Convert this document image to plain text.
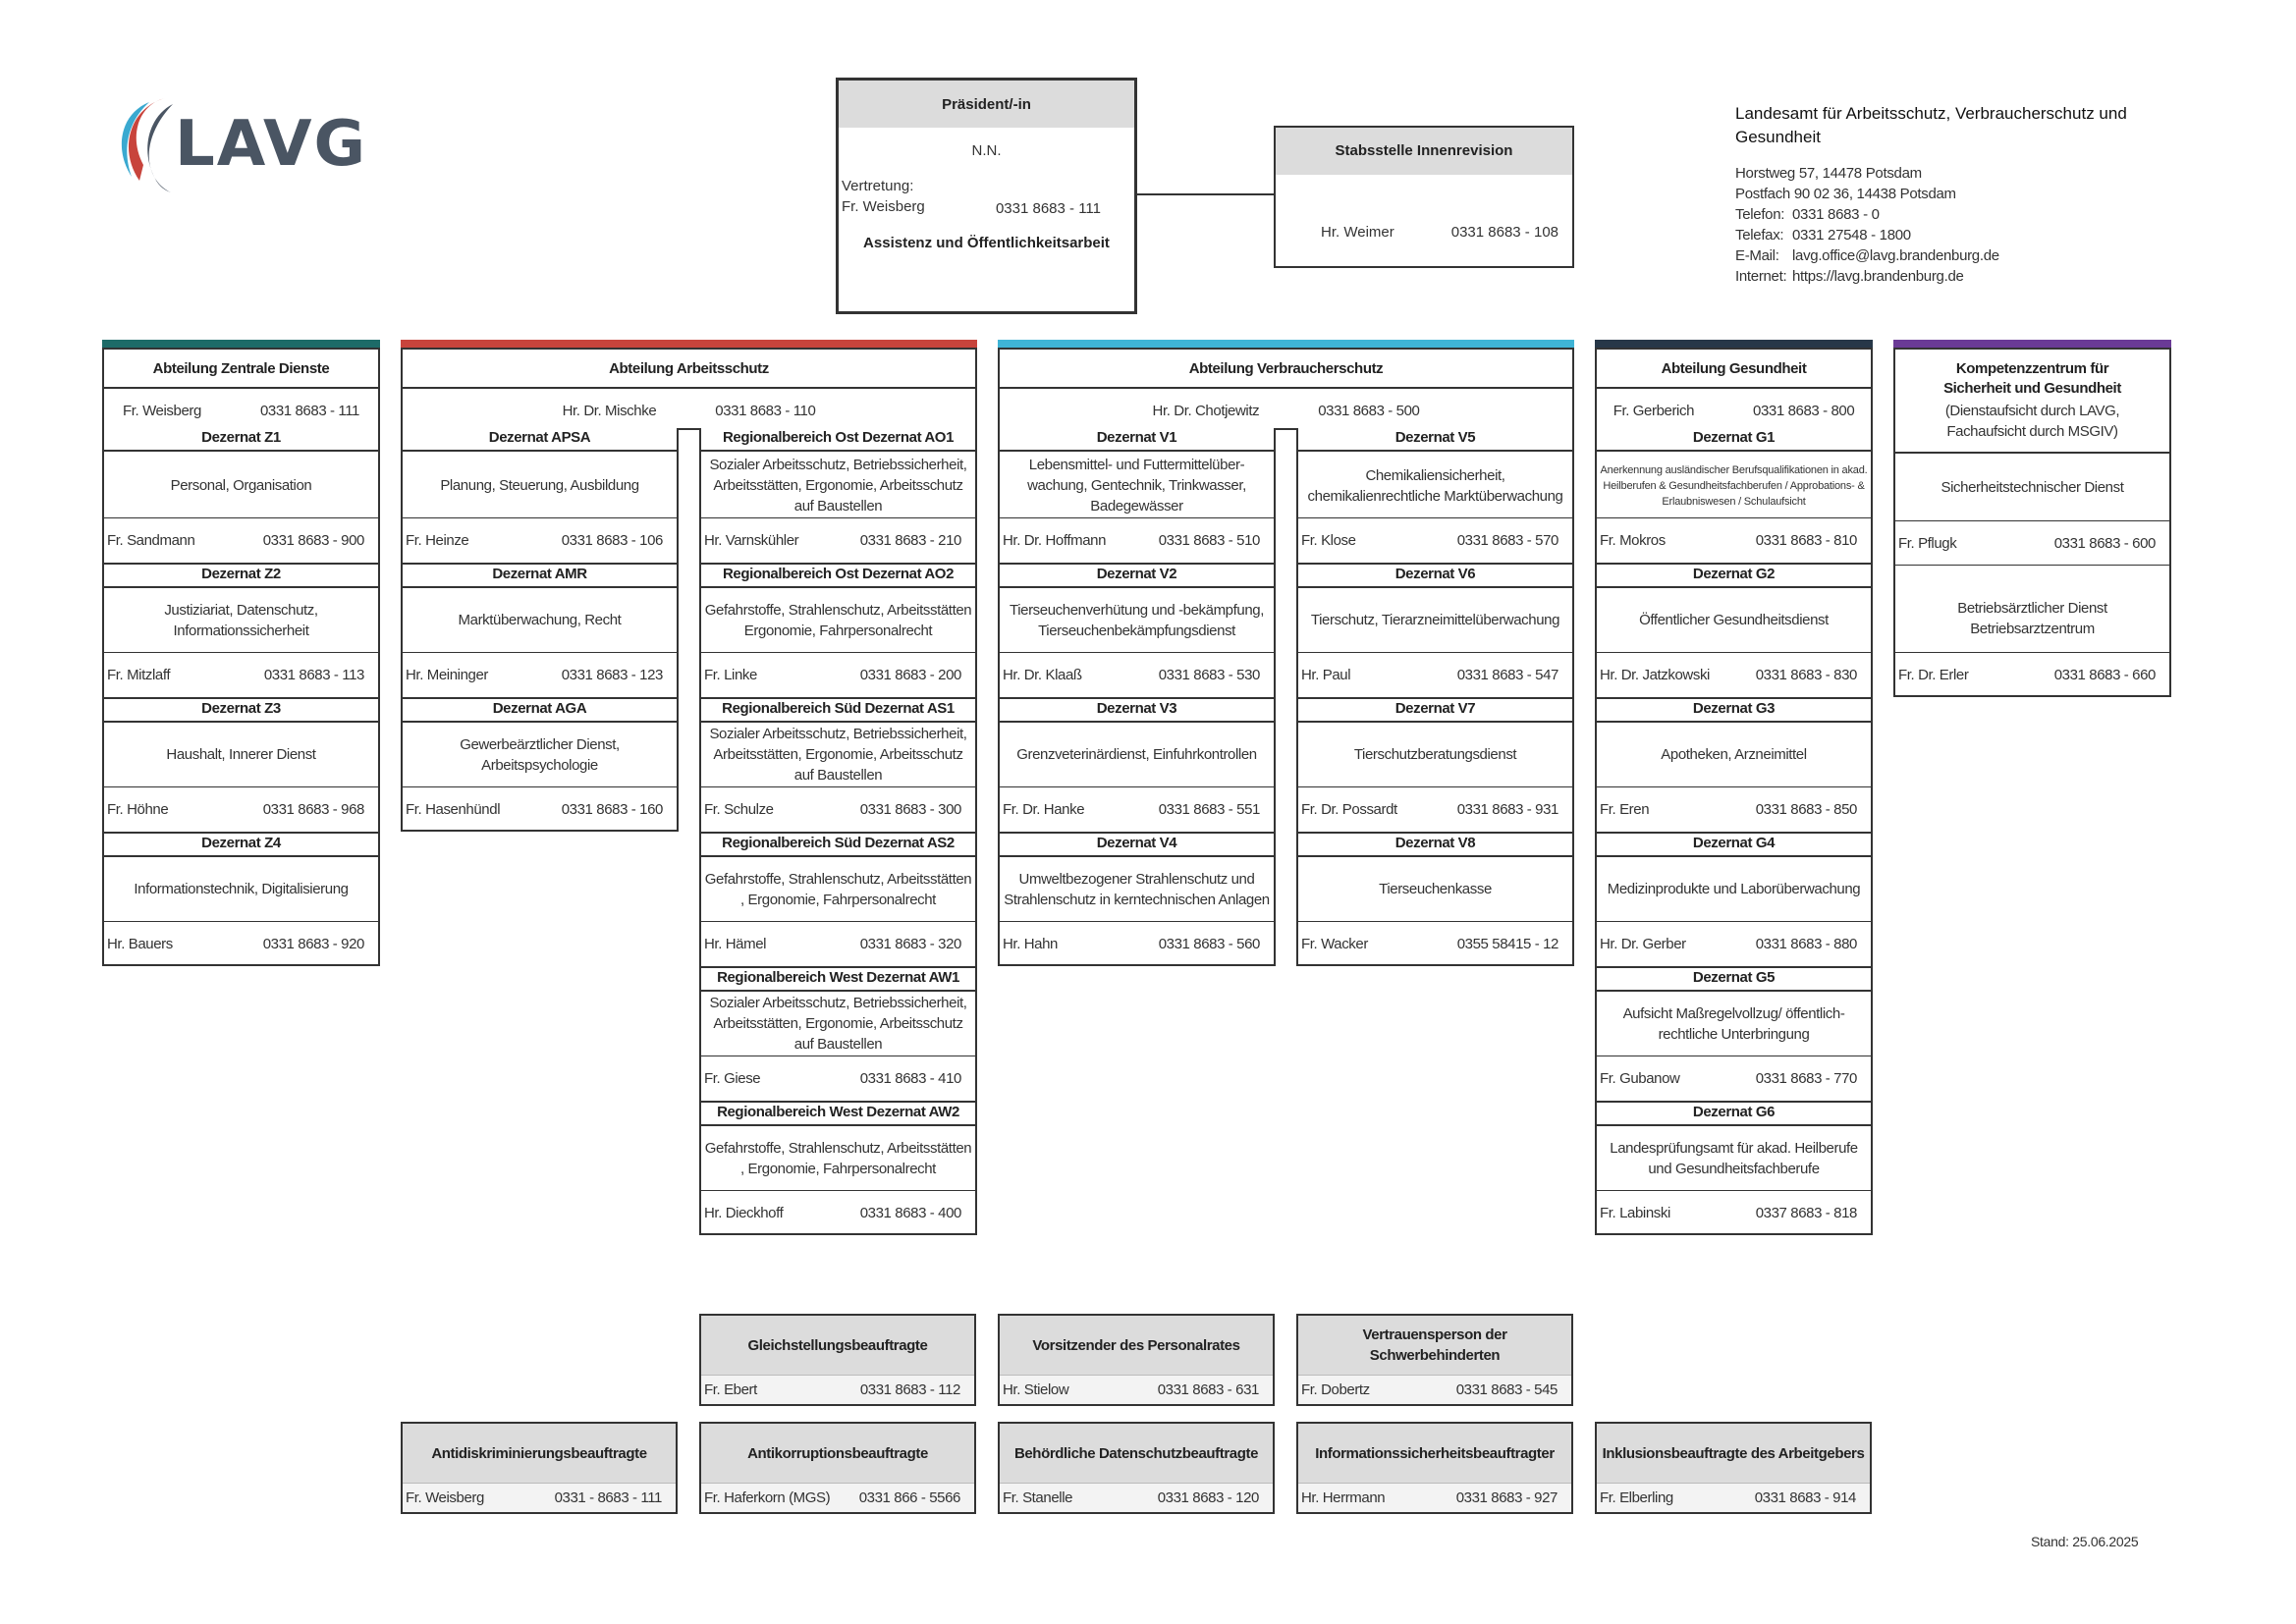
LAVG
Präsident/-in
N.N.
Vertretung:
Fr. Weisberg	0331 8683 - 111
Assistenz und Öffentlichkeitsarbeit
Stabsstelle Innenrevision
Hr. Weimer	0331 8683 - 108
Landesamt für Arbeitsschutz, Verbraucherschutz und Gesundheit
Horstweg 57, 14478 Potsdam
Postfach 90 02 36, 14438 Potsdam
Telefon: 0331 8683 - 0
Telefax: 0331 27548 - 1800
E-Mail: lavg.office@lavg.brandenburg.de
Internet: https://lavg.brandenburg.de
Abteilung Zentrale Dienste
Fr. Weisberg	0331 8683 - 111
Dezernat Z1
Personal, Organisation
Fr. Sandmann	0331 8683 - 900
Dezernat Z2
Justiziariat, Datenschutz, Informationssicherheit
Fr. Mitzlaff	0331 8683 - 113
Dezernat Z3
Haushalt, Innerer Dienst
Fr. Höhne	0331 8683 - 968
Dezernat Z4
Informationstechnik, Digitalisierung
Hr. Bauers	0331 8683 - 920
Abteilung Arbeitsschutz
Hr. Dr. Mischke	0331 8683 - 110
Dezernat APSA
Planung, Steuerung, Ausbildung
Fr. Heinze	0331 8683 - 106
Dezernat AMR
Marktüberwachung, Recht
Hr. Meininger	0331 8683 - 123
Dezernat AGA
Gewerbeärztlicher Dienst, Arbeitspsychologie
Fr. Hasenhündl	0331 8683 - 160
Regionalbereich Ost Dezernat AO1
Sozialer Arbeitsschutz, Betriebssicherheit, Arbeitsstätten, Ergonomie, Arbeitsschutz auf Baustellen
Hr. Varnskühler	0331 8683 - 210
Regionalbereich Ost Dezernat AO2
Gefahrstoffe, Strahlenschutz, Arbeitsstätten Ergonomie, Fahrpersonalrecht
Fr. Linke	0331 8683 - 200
Regionalbereich Süd Dezernat AS1
Sozialer Arbeitsschutz, Betriebssicherheit, Arbeitsstätten, Ergonomie, Arbeitsschutz auf Baustellen
Fr. Schulze	0331 8683 - 300
Regionalbereich Süd Dezernat AS2
Gefahrstoffe, Strahlenschutz, Arbeitsstätten , Ergonomie, Fahrpersonalrecht
Hr. Hämel	0331 8683 - 320
Regionalbereich West Dezernat AW1
Sozialer Arbeitsschutz, Betriebssicherheit, Arbeitsstätten, Ergonomie, Arbeitsschutz auf Baustellen
Fr. Giese	0331 8683 - 410
Regionalbereich West Dezernat AW2
Gefahrstoffe, Strahlenschutz, Arbeitsstätten , Ergonomie, Fahrpersonalrecht
Hr. Dieckhoff	0331 8683 - 400
Abteilung Verbraucherschutz
Hr. Dr. Chotjewitz	0331 8683 - 500
Dezernat V1
Lebensmittel- und Futtermittelüber-wachung, Gentechnik, Trinkwasser, Badegewässer
Hr. Dr. Hoffmann	0331 8683 - 510
Dezernat V2
Tierseuchenverhütung und -bekämpfung, Tierseuchenbekämpfungsdienst
Hr. Dr. Klaaß	0331 8683 - 530
Dezernat V3
Grenzveterinärdienst, Einfuhrkontrollen
Fr. Dr. Hanke	0331 8683 - 551
Dezernat V4
Umweltbezogener Strahlenschutz und Strahlenschutz in kerntechnischen Anlagen
Hr. Hahn	0331 8683 - 560
Dezernat V5
Chemikaliensicherheit, chemikalienrechtliche Marktüberwachung
Fr. Klose	0331 8683 - 570
Dezernat V6
Tierschutz, Tierarzneimittelüberwachung
Hr. Paul	0331 8683 - 547
Dezernat V7
Tierschutzberatungsdienst
Fr. Dr. Possardt	0331 8683 - 931
Dezernat V8
Tierseuchenkasse
Fr. Wacker	0355 58415 - 12
Abteilung Gesundheit
Fr. Gerberich	0331 8683 - 800
Dezernat G1
Anerkennung ausländischer Berufsqualifikationen in akad. Heilberufen & Gesundheitsfachberufen / Approbations- & Erlaubniswesen / Schulaufsicht
Fr. Mokros	0331 8683 - 810
Dezernat G2
Öffentlicher Gesundheitsdienst
Hr. Dr. Jatzkowski	0331 8683 - 830
Dezernat G3
Apotheken, Arzneimittel
Fr. Eren	0331 8683 - 850
Dezernat G4
Medizinprodukte und Laborüberwachung
Hr. Dr. Gerber	0331 8683 - 880
Dezernat G5
Aufsicht Maßregelvollzug/ öffentlich-rechtliche Unterbringung
Fr. Gubanow	0331 8683 - 770
Dezernat G6
Landesprüfungsamt für akad. Heilberufe und Gesundheitsfachberufe
Fr. Labinski	0337 8683 - 818
Kompetenzzentrum für Sicherheit und Gesundheit
(Dienstaufsicht durch LAVG, Fachaufsicht durch MSGIV)
Sicherheitstechnischer Dienst
Fr. Pflugk	0331 8683 - 600
Betriebsärztlicher Dienst Betriebsarztzentrum
Fr. Dr. Erler	0331 8683 - 660
Gleichstellungsbeauftragte
Fr. Ebert	0331 8683 - 112
Vorsitzender des Personalrates
Hr. Stielow	0331 8683 - 631
Vertrauensperson der Schwerbehinderten
Fr. Dobertz	0331 8683 - 545
Antidiskriminierungsbeauftragte
Fr. Weisberg	0331 - 8683 - 111
Antikorruptionsbeauftragte
Fr. Haferkorn (MGS) 0331 866 - 5566
Behördliche Datenschutzbeauftragte
Fr. Stanelle	0331 8683 - 120
Informationssicherheitsbeauftragter
Hr. Herrmann	0331 8683 - 927
Inklusionsbeauftragte des Arbeitgebers
Fr. Elberling	0331 8683 - 914
Stand: 25.06.2025
